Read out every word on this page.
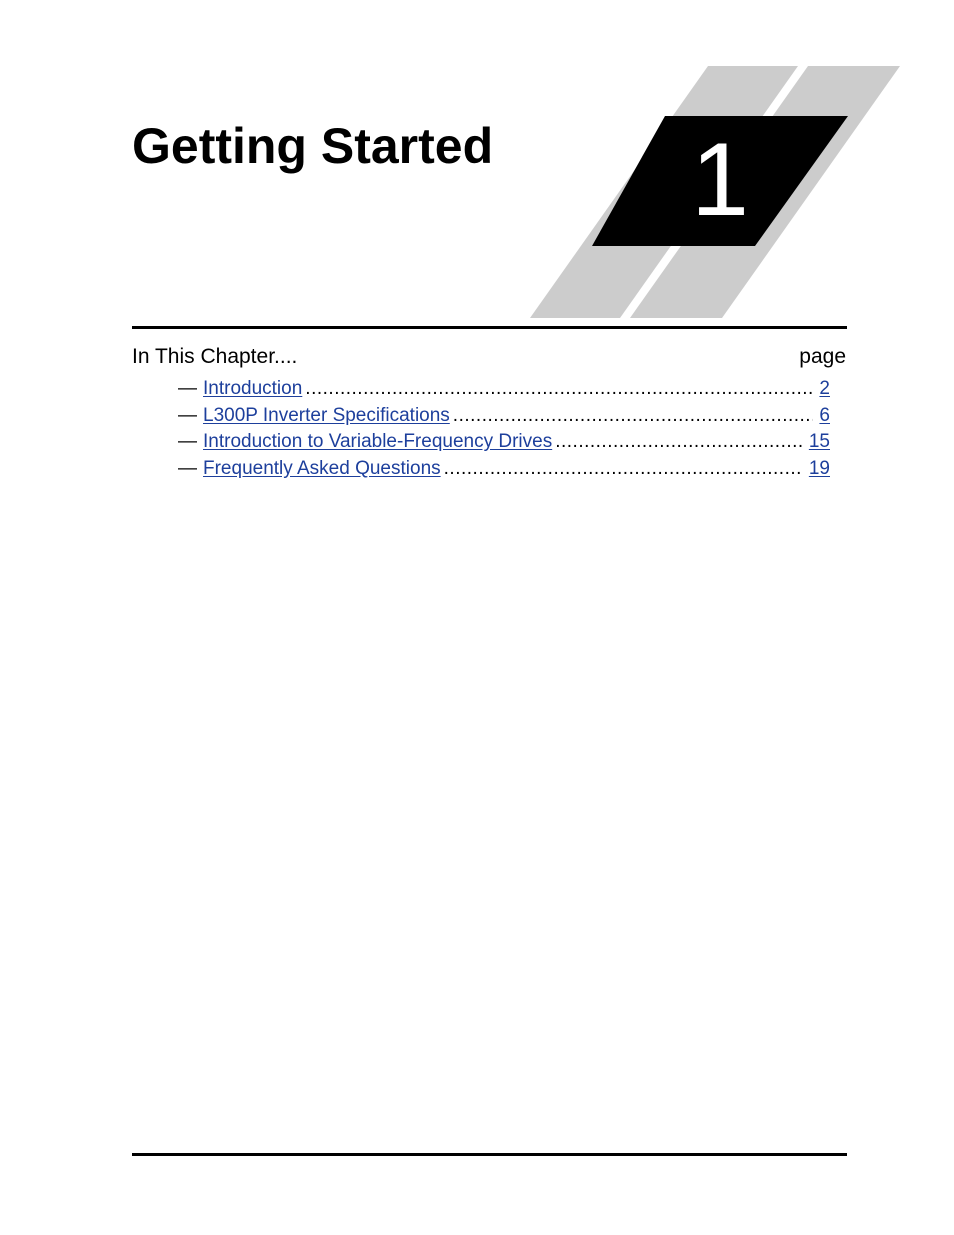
Getting Started	1
In This Chapter....	page
— Introduction .....	2
— L300P Inverter Specifications .....	6
— Introduction to Variable-Frequency Drives .....	15
— Frequently Asked Questions .....	19
